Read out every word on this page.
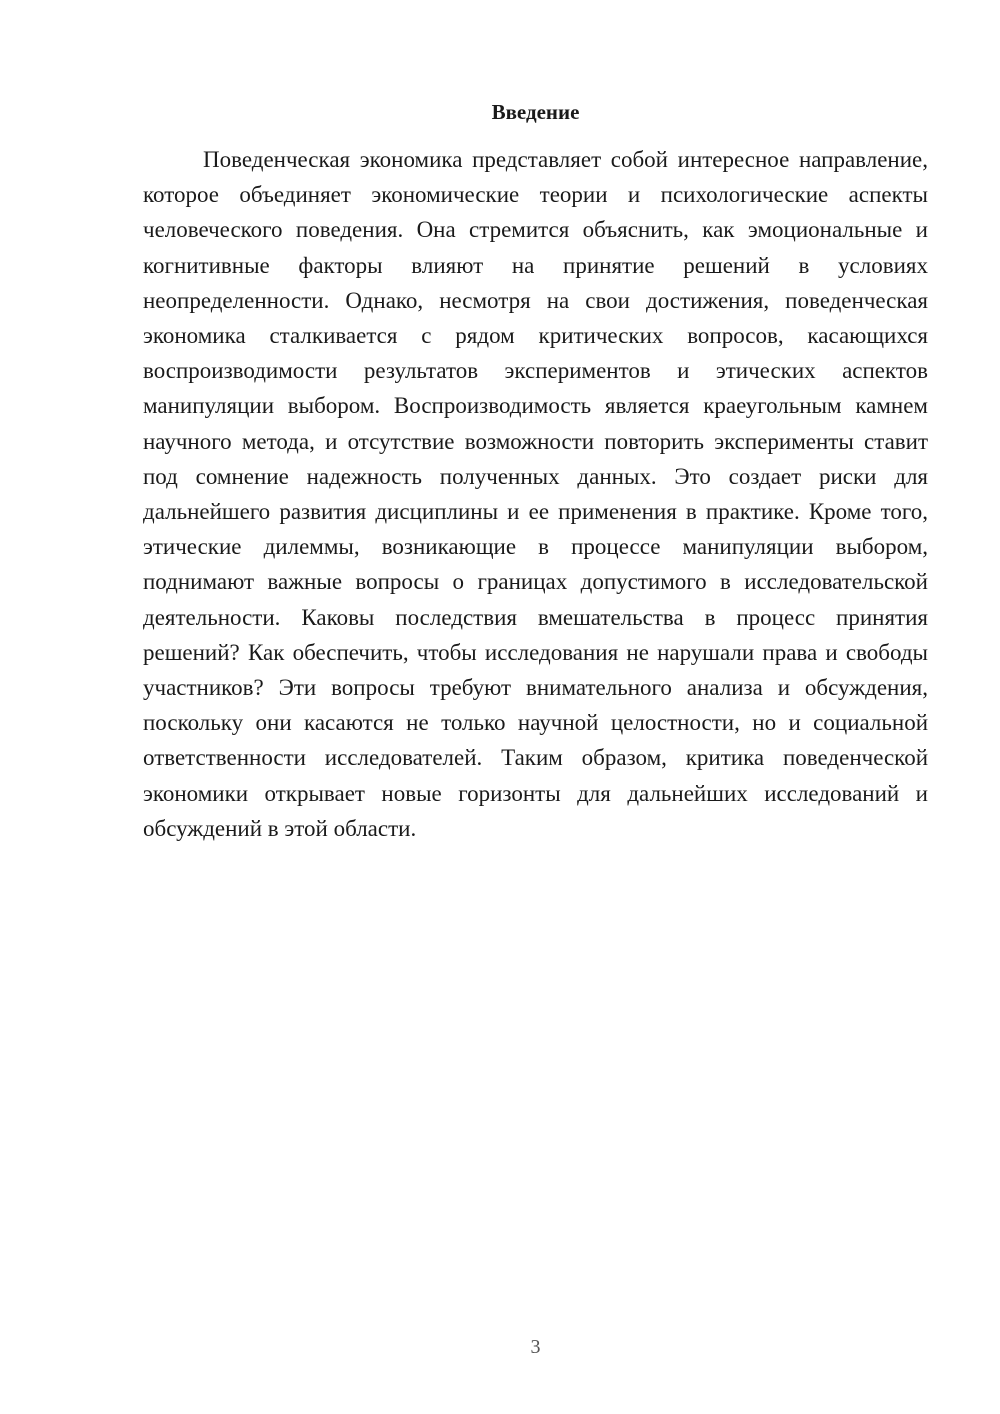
Введение

Поведенческая экономика представляет собой интересное направление, которое объединяет экономические теории и психологические аспекты человеческого поведения. Она стремится объяснить, как эмоциональные и когнитивные факторы влияют на принятие решений в условиях неопределенности. Однако, несмотря на свои достижения, поведенческая экономика сталкивается с рядом критических вопросов, касающихся воспроизводимости результатов экспериментов и этических аспектов манипуляции выбором. Воспроизводимость является краеугольным камнем научного метода, и отсутствие возможности повторить эксперименты ставит под сомнение надежность полученных данных. Это создает риски для дальнейшего развития дисциплины и ее применения в практике. Кроме того, этические дилеммы, возникающие в процессе манипуляции выбором, поднимают важные вопросы о границах допустимого в исследовательской деятельности. Каковы последствия вмешательства в процесс принятия решений? Как обеспечить, чтобы исследования не нарушали права и свободы участников? Эти вопросы требуют внимательного анализа и обсуждения, поскольку они касаются не только научной целостности, но и социальной ответственности исследователей. Таким образом, критика поведенческой экономики открывает новые горизонты для дальнейших исследований и обсуждений в этой области.

3
